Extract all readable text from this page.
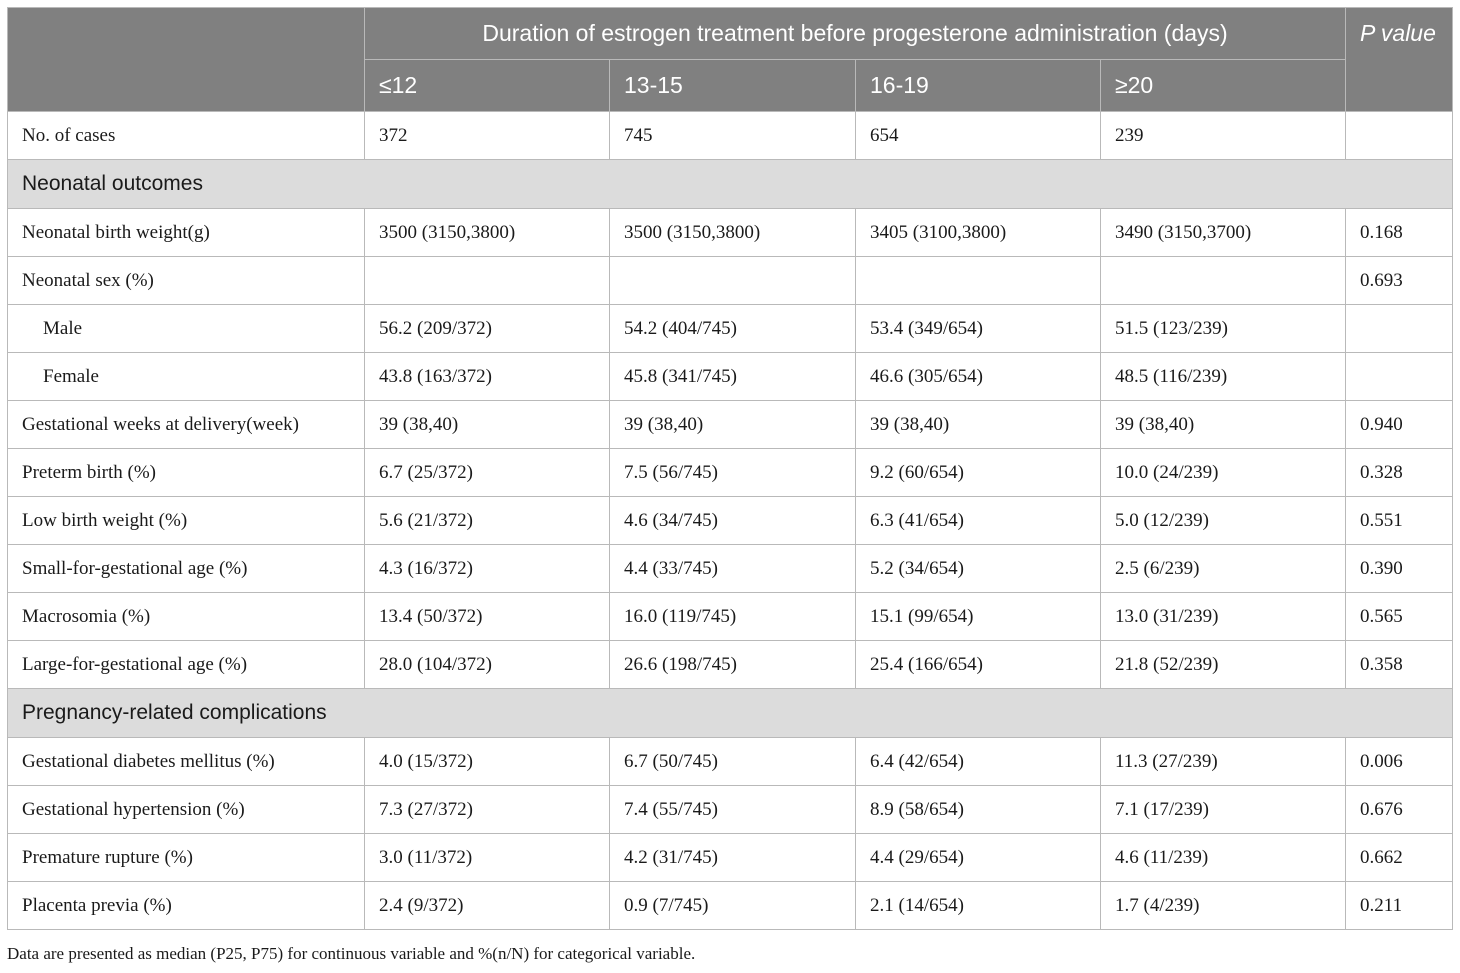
	Duration of estrogen treatment before progesterone administration (days)				P value
	≤12	13-15	16-19	≥20	
No. of cases	372	745	654	239	
Neonatal outcomes					
Neonatal birth weight(g)	3500 (3150,3800)	3500 (3150,3800)	3405 (3100,3800)	3490 (3150,3700)	0.168
Neonatal sex (%)					0.693
Male	56.2 (209/372)	54.2 (404/745)	53.4 (349/654)	51.5 (123/239)	
Female	43.8 (163/372)	45.8 (341/745)	46.6 (305/654)	48.5 (116/239)	
Gestational weeks at delivery(week)	39 (38,40)	39 (38,40)	39 (38,40)	39 (38,40)	0.940
Preterm birth (%)	6.7 (25/372)	7.5 (56/745)	9.2 (60/654)	10.0 (24/239)	0.328
Low birth weight (%)	5.6 (21/372)	4.6 (34/745)	6.3 (41/654)	5.0 (12/239)	0.551
Small-for-gestational age (%)	4.3 (16/372)	4.4 (33/745)	5.2 (34/654)	2.5 (6/239)	0.390
Macrosomia (%)	13.4 (50/372)	16.0 (119/745)	15.1 (99/654)	13.0 (31/239)	0.565
Large-for-gestational age (%)	28.0 (104/372)	26.6 (198/745)	25.4 (166/654)	21.8 (52/239)	0.358
Pregnancy-related complications					
Gestational diabetes mellitus (%)	4.0 (15/372)	6.7 (50/745)	6.4 (42/654)	11.3 (27/239)	0.006
Gestational hypertension (%)	7.3 (27/372)	7.4 (55/745)	8.9 (58/654)	7.1 (17/239)	0.676
Premature rupture (%)	3.0 (11/372)	4.2 (31/745)	4.4 (29/654)	4.6 (11/239)	0.662
Placenta previa (%)	2.4 (9/372)	0.9 (7/745)	2.1 (14/654)	1.7 (4/239)	0.211
Data are presented as median (P25, P75) for continuous variable and %(n/N) for categorical variable.
